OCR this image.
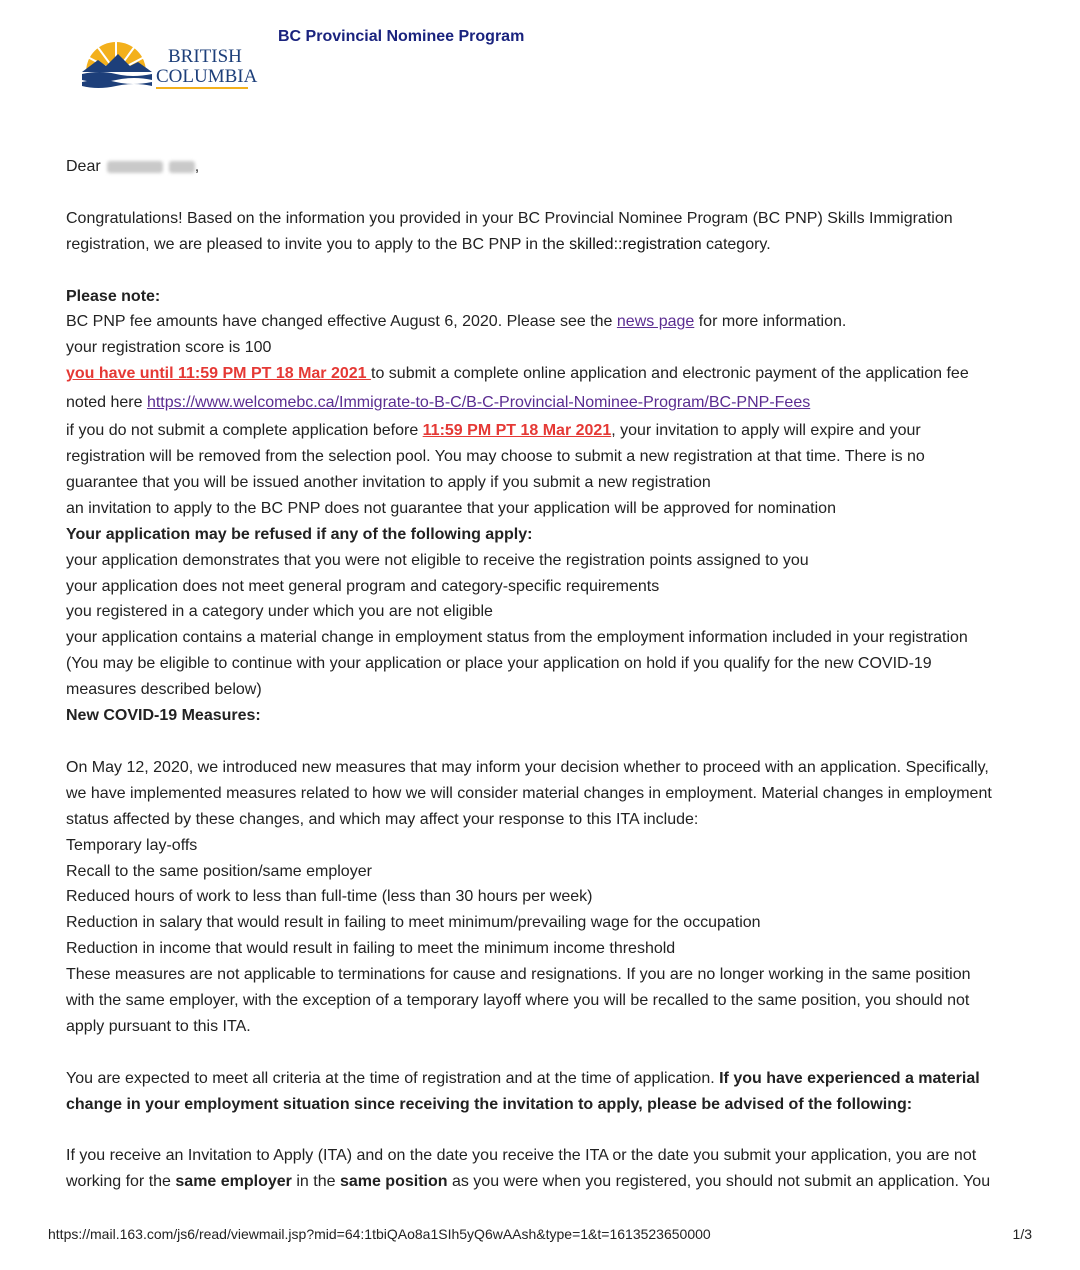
BRITISH
COLUMBIA
BC Provincial Nominee Program

Dear	,

Congratulations! Based on the information you provided in your BC Provincial Nominee Program (BC PNP) Skills Immigration

registration, we are pleased to invite you to apply to the BC PNP in the skilled::registration category.

Please note:

BC PNP fee amounts have changed effective August 6, 2020. Please see the news page for more information.

your registration score is 100

you have until 11:59 PM PT 18 Mar 2021 to submit a complete online application and electronic payment of the application fee

noted here https://www.welcomebc.ca/Immigrate-to-B-C/B-C-Provincial-Nominee-Program/BC-PNP-Fees

if you do not submit a complete application before 11:59 PM PT 18 Mar 2021, your invitation to apply will expire and your

registration will be removed from the selection pool. You may choose to submit a new registration at that time. There is no

guarantee that you will be issued another invitation to apply if you submit a new registration

an invitation to apply to the BC PNP does not guarantee that your application will be approved for nomination

Your application may be refused if any of the following apply:

your application demonstrates that you were not eligible to receive the registration points assigned to you

your application does not meet general program and category-specific requirements

you registered in a category under which you are not eligible

your application contains a material change in employment status from the employment information included in your registration

(You may be eligible to continue with your application or place your application on hold if you qualify for the new COVID-19

measures described below)

New COVID-19 Measures:

On May 12, 2020, we introduced new measures that may inform your decision whether to proceed with an application. Specifically,

we have implemented measures related to how we will consider material changes in employment. Material changes in employment

status affected by these changes, and which may affect your response to this ITA include:

Temporary lay-offs

Recall to the same position/same employer

Reduced hours of work to less than full-time (less than 30 hours per week)

Reduction in salary that would result in failing to meet minimum/prevailing wage for the occupation

Reduction in income that would result in failing to meet the minimum income threshold

These measures are not applicable to terminations for cause and resignations. If you are no longer working in the same position

with the same employer, with the exception of a temporary layoff where you will be recalled to the same position, you should not

apply pursuant to this ITA.

You are expected to meet all criteria at the time of registration and at the time of application. If you have experienced a material

change in your employment situation since receiving the invitation to apply, please be advised of the following:

If you receive an Invitation to Apply (ITA) and on the date you receive the ITA or the date you submit your application, you are not

working for the same employer in the same position as you were when you registered, you should not submit an application. You

https://mail.163.com/js6/read/viewmail.jsp?mid=64:1tbiQAo8a1SIh5yQ6wAAsh&type=1&t=1613523650000	1/3
